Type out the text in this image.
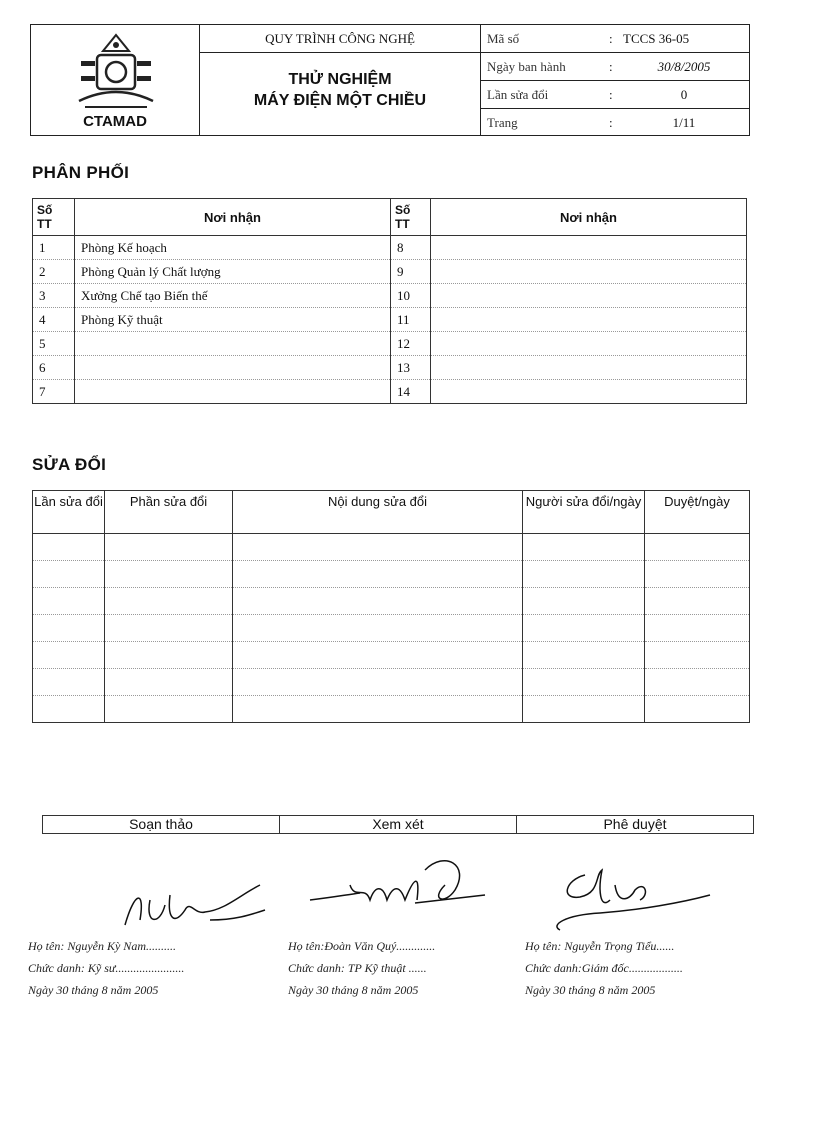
CTAMAD
QUY TRÌNH CÔNG NGHỆ
THỬ NGHIỆM
MÁY ĐIỆN MỘT CHIỀU
Mã số	: TCCS 36-05
Ngày ban hành	:	30/8/2005
Lần sửa đổi	:	0
Trang	:	1/11
PHÂN PHỐI
Số TT	Nơi nhận	Số TT	Nơi nhận
1	Phòng Kế hoạch	8	
2	Phòng Quản lý Chất lượng	9	
3	Xưởng Chế tạo Biến thế	10	
4	Phòng Kỹ thuật	11	
5		12	
6		13	
7		14	
SỬA ĐỔI
Lần sửa đổi	Phần sửa đổi	Nội dung sửa đổi	Người sửa đổi/ngày	Duyệt/ngày

Soạn thảo	Xem xét	Phê duyệt
Họ tên: Nguyễn Kỳ Nam..........
Chức danh: Kỹ sư.......................
Ngày 30 tháng 8 năm 2005
Họ tên:Đoàn Văn Quý.............
Chức danh: TP Kỹ thuật ......
Ngày 30 tháng 8 năm 2005
Họ tên: Nguyễn Trọng Tiểu......
Chức danh:Giám đốc..................
Ngày 30 tháng 8 năm 2005
